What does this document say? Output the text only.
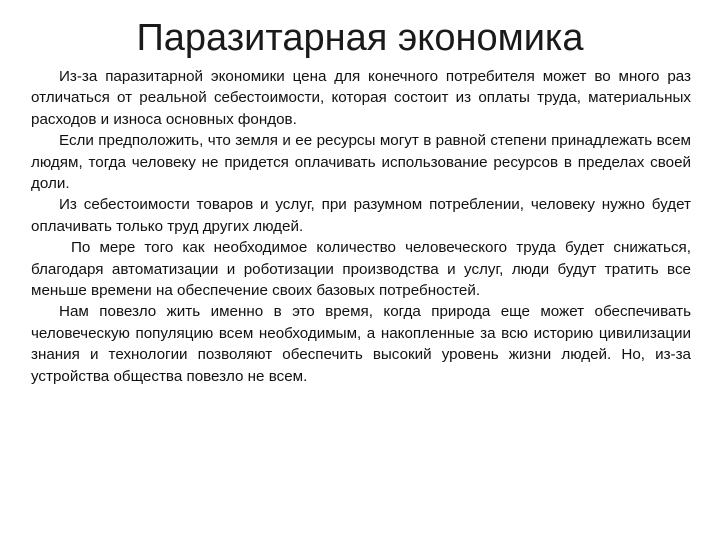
Паразитарная экономика

Из-за паразитарной экономики цена для конечного потребителя может во много раз отличаться от реальной себестоимости, которая состоит из оплаты труда, материальных расходов и износа основных фондов.

Если предположить, что земля и ее ресурсы могут в равной степени принадлежать всем людям, тогда человеку не придется оплачивать использование ресурсов в пределах своей доли.

Из себестоимости товаров и услуг, при разумном потреблении, человеку нужно будет оплачивать только труд других людей.

По мере того как необходимое количество человеческого труда будет снижаться, благодаря автоматизации и роботизации производства и услуг, люди будут тратить все меньше времени на обеспечение своих базовых потребностей.

Нам повезло жить именно в это время, когда природа еще может обеспечивать человеческую популяцию всем необходимым, а накопленные за всю историю цивилизации знания и технологии позволяют обеспечить высокий уровень жизни людей. Но, из-за устройства общества повезло не всем.
